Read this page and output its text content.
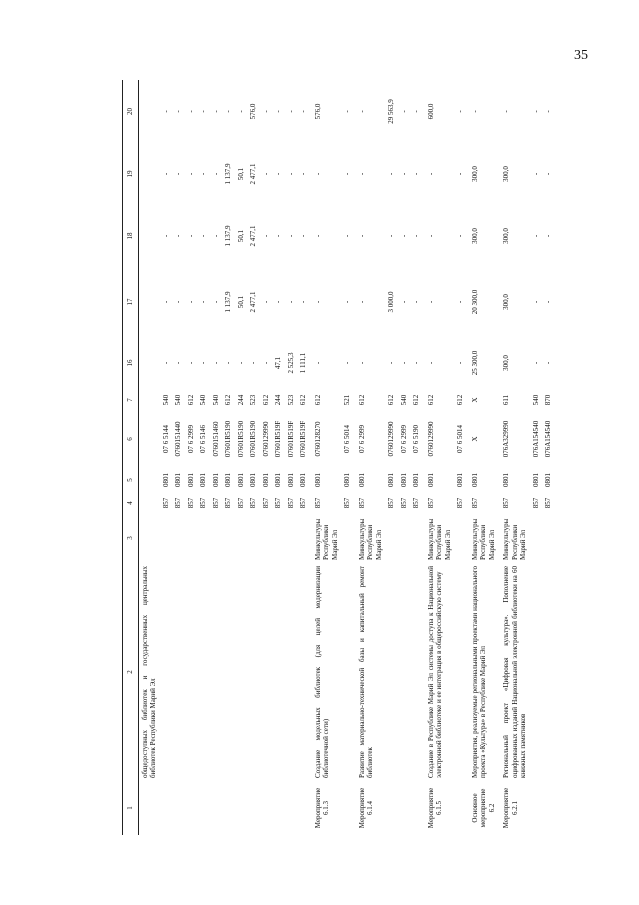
35
1	2	3	4	5	6	7	16	17	18	19	20
	общедоступных библиотек и государственных центральных библиотек Республики Марий Эл										
			857	0801	07 6 5144	540	-	-	-	-	-
			857	0801	0760151440	540	-	-	-	-	-
			857	0801	07 6 2999	612	-	-	-	-	-
			857	0801	07 6 5146	540	-	-	-	-	-
			857	0801	0760151460	540	-	-	-	-	-
			857	0801	07601R5190	612	-	1 137,9	1 137,9	1 137,9	-
			857	0801	07601R5190	244	-	50,1	50,1	50,1	-
			857	0801	07601R5190	523	-	2 477,1	2 477,1	2 477,1	576,0
			857	0801	0760129990	612	-	-	-	-	-
			857	0801	07601R519F	244	47,1	-	-	-	-
			857	0801	07601R519F	523	2 525,3	-	-	-	-
			857	0801	07601R519F	612	1 111,1	-	-	-	-
Мероприятие 6.1.3	Создание модельных библиотек (для целей модернизации библиотечной сети)	Минкультуры Республики Марий Эл	857	0801	0760128270	612	-	-	-	-	576,0
			857	0801	07 6 5014	521	-	-	-	-	-
Мероприятие 6.1.4	Развитие материально-технической базы и капитальный ремонт библиотек	Минкультуры Республики Марий Эл	857	0801	07 6 2999	612	-	-	-	-	-
			857	0801	0760129990	612	-	3 000,0	-	-	29 563,9
			857	0801	07 6 2999	540	-	-	-	-	-
			857	0801	07 6 5190	612	-	-	-	-	-
Мероприятие 6.1.5	Создание в Республике Марий Эл системы доступа к Национальной электронной библиотеке и ее интеграция в общероссийскую систему	Минкультуры Республики Марий Эл	857	0801	0760129990	612	-	-	-	-	600,0
			857	0801	07 6 5014	612	-	-	-	-	-
Основное мероприятие 6.2	Мероприятия, реализуемые региональными проектами национального проекта «Культура» в Республике Марий Эл	Минкультуры Республики Марий Эл	857	0801	X	X	25 300,0	20 300,0	300,0	300,0	-
Мероприятие 6.2.1	Региональный проект «Цифровая культура». Пополнение оцифрованных изданий Национальной электронной библиотеки на 60 книжных памятников	Минкультуры Республики Марий Эл	857	0801	076A329990	611	300,0	300,0	300,0	300,0	-
			857	0801	076A154540	540	-	-	-	-	-
			857	0801	076A154540	870	-	-	-	-	-
